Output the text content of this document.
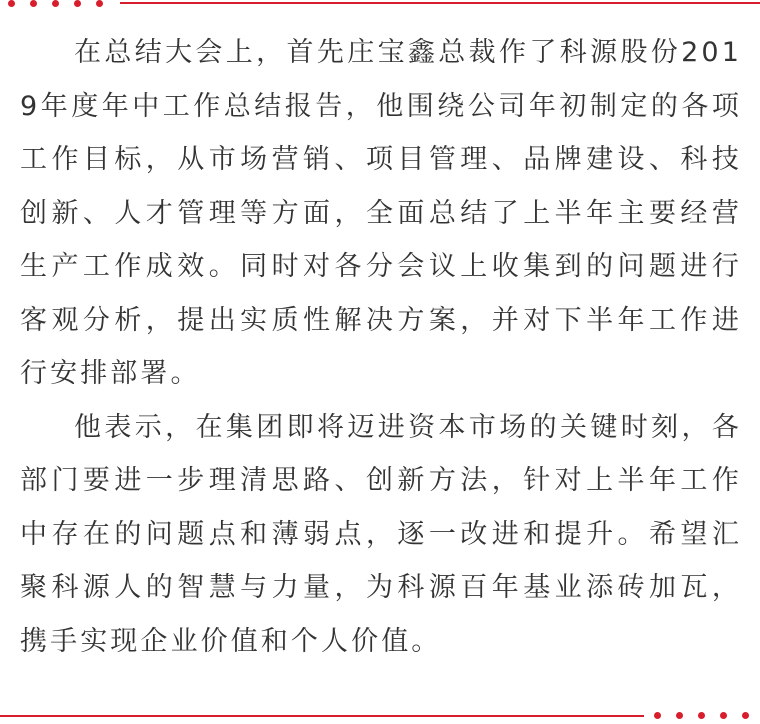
在总结大会上，首先庄宝鑫总裁作了科源股份2019年度年中工作总结报告，他围绕公司年初制定的各项工作目标，从市场营销、项目管理、品牌建设、科技创新、人才管理等方面，全面总结了上半年主要经营生产工作成效。同时对各分会议上收集到的问题进行客观分析，提出实质性解决方案，并对下半年工作进行安排部署。

他表示，在集团即将迈进资本市场的关键时刻，各部门要进一步理清思路、创新方法，针对上半年工作中存在的问题点和薄弱点，逐一改进和提升。希望汇聚科源人的智慧与力量，为科源百年基业添砖加瓦，携手实现企业价值和个人价值。
